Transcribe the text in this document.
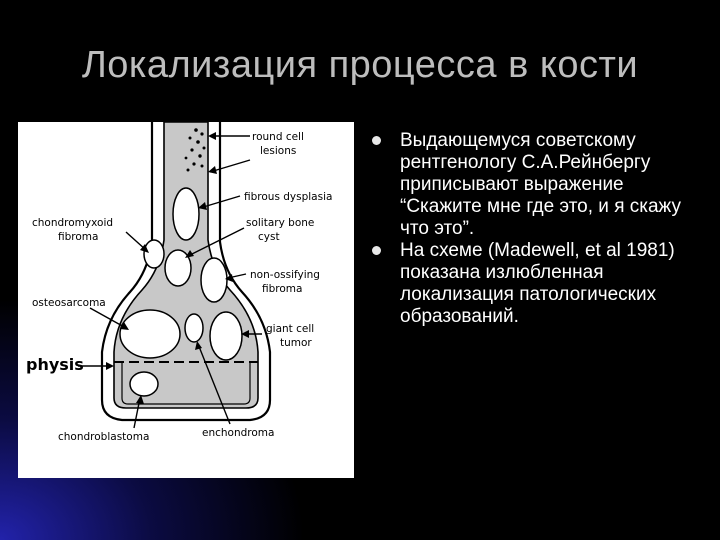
Локализация процесса в кости
round cell
lesions
fibrous dysplasia
chondromyxoid
fibroma
solitary bone
cyst
non-ossifying
fibroma
osteosarcoma
giant cell
tumor
physis
chondroblastoma	enchondroma
Выдающемуся советскому рентгенологу С.А.Рейнбергу приписывают выражение “Скажите мне где это, и я скажу что это”.
На схеме (Madewell, et al 1981) показана излюбленная локализация патологических образований.
